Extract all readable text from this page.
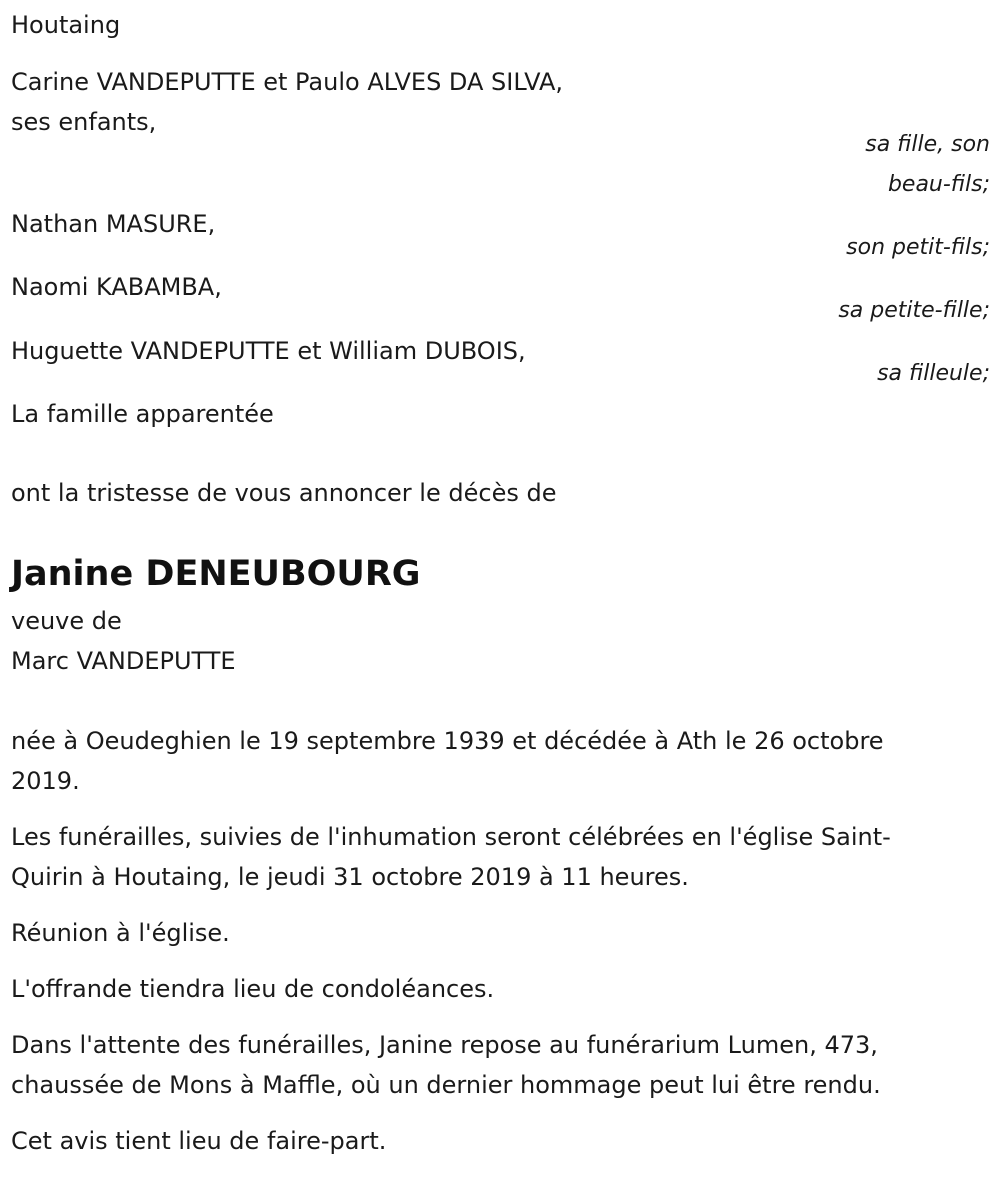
Houtaing
Carine VANDEPUTTE et Paulo ALVES DA SILVA,
ses enfants,
sa fille, son
beau-fils;
Nathan MASURE,
son petit-fils;
Naomi KABAMBA,
sa petite-fille;
Huguette VANDEPUTTE et William DUBOIS,
sa filleule;
La famille apparentée
ont la tristesse de vous annoncer le décès de
Janine DENEUBOURG
veuve de
Marc VANDEPUTTE
née à Oeudeghien le 19 septembre 1939 et décédée à Ath le 26 octobre
2019.
Les funérailles, suivies de l'inhumation seront célébrées en l'église Saint-
Quirin à Houtaing, le jeudi 31 octobre 2019 à 11 heures.
Réunion à l'église.
L'offrande tiendra lieu de condoléances.
Dans l'attente des funérailles, Janine repose au funérarium Lumen, 473,
chaussée de Mons à Maffle, où un dernier hommage peut lui être rendu.
Cet avis tient lieu de faire-part.
